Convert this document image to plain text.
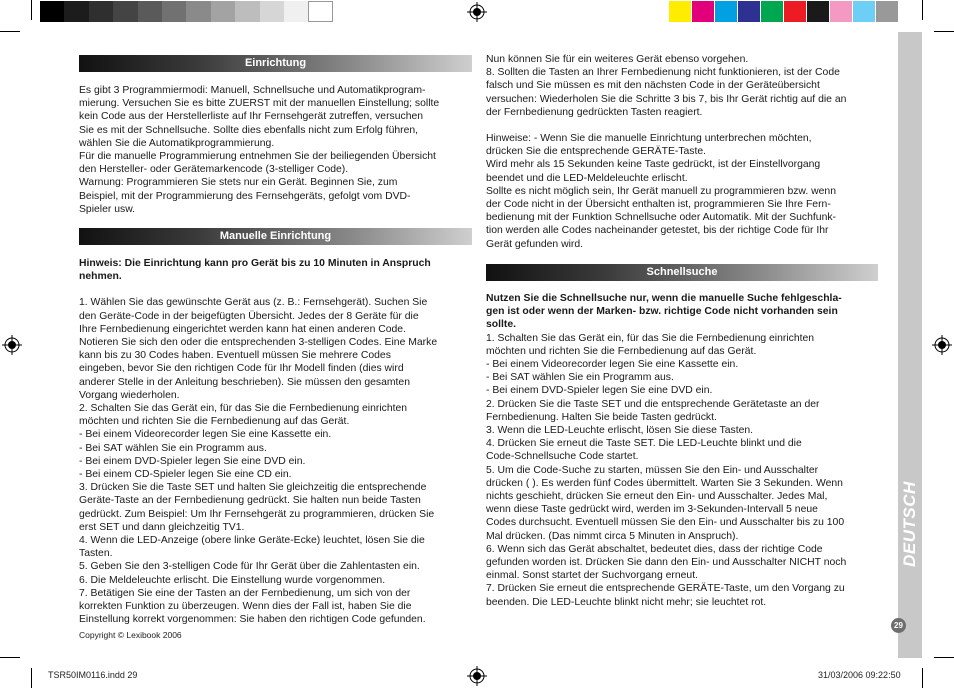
Einrichtung

Es gibt 3 Programmiermodi: Manuell, Schnellsuche und Automatikprogram-

mierung. Versuchen Sie es bitte ZUERST mit der manuellen Einstellung; sollte

kein Code aus der Herstellerliste auf Ihr Fernsehgerät zutreffen, versuchen

Sie es mit der Schnellsuche. Sollte dies ebenfalls nicht zum Erfolg führen,

wählen Sie die Automatikprogrammierung.

Für die manuelle Programmierung entnehmen Sie der beiliegenden Übersicht

den Hersteller- oder Gerätemarkencode (3-stelliger Code).

Warnung: Programmieren Sie stets nur ein Gerät. Beginnen Sie, zum

Beispiel, mit der Programmierung des Fernsehgeräts, gefolgt vom DVD-

Spieler usw.

Manuelle Einrichtung

Hinweis: Die Einrichtung kann pro Gerät bis zu 10 Minuten in Anspruch

nehmen.

1. Wählen Sie das gewünschte Gerät aus (z. B.: Fernsehgerät). Suchen Sie

den Geräte-Code in der beigefügten Übersicht. Jedes der 8 Geräte für die

Ihre Fernbedienung eingerichtet werden kann hat einen anderen Code.

Notieren Sie sich den oder die entsprechenden 3-stelligen Codes. Eine Marke

kann bis zu 30 Codes haben. Eventuell müssen Sie mehrere Codes

eingeben, bevor Sie den richtigen Code für Ihr Modell finden (dies wird

anderer Stelle in der Anleitung beschrieben). Sie müssen den gesamten

Vorgang wiederholen.

2. Schalten Sie das Gerät ein, für das Sie die Fernbedienung einrichten

möchten und richten Sie die Fernbedienung auf das Gerät.

- Bei einem Videorecorder legen Sie eine Kassette ein.

- Bei SAT wählen Sie ein Programm aus.

- Bei einem DVD-Spieler legen Sie eine DVD ein.

- Bei einem CD-Spieler legen Sie eine CD ein.

3. Drücken Sie die Taste SET und halten Sie gleichzeitig die entsprechende

Geräte-Taste an der Fernbedienung gedrückt. Sie halten nun beide Tasten

gedrückt. Zum Beispiel: Um Ihr Fernsehgerät zu programmieren, drücken Sie

erst SET und dann gleichzeitig TV1.

4. Wenn die LED-Anzeige (obere linke Geräte-Ecke) leuchtet, lösen Sie die

Tasten.

5. Geben Sie den 3-stelligen Code für Ihr Gerät über die Zahlentasten ein.

6. Die Meldeleuchte erlischt. Die Einstellung wurde vorgenommen.

7. Betätigen Sie eine der Tasten an der Fernbedienung, um sich von der

korrekten Funktion zu überzeugen. Wenn dies der Fall ist, haben Sie die

Einstellung korrekt vorgenommen: Sie haben den richtigen Code gefunden.

Copyright © Lexibook 2006

Nun können Sie für ein weiteres Gerät ebenso vorgehen.

8. Sollten die Tasten an Ihrer Fernbedienung nicht funktionieren, ist der Code

falsch und Sie müssen es mit den nächsten Code in der Geräteübersicht

versuchen: Wiederholen Sie die Schritte 3 bis 7, bis Ihr Gerät richtig auf die an

der Fernbedienung gedrückten Tasten reagiert.

Hinweise: - Wenn Sie die manuelle Einrichtung unterbrechen möchten,

drücken Sie die entsprechende GERÄTE-Taste.

Wird mehr als 15 Sekunden keine Taste gedrückt, ist der Einstellvorgang

beendet und die LED-Meldeleuchte erlischt.

Sollte es nicht möglich sein, Ihr Gerät manuell zu programmieren bzw. wenn

der Code nicht in der Übersicht enthalten ist, programmieren Sie Ihre Fern-

bedienung mit der Funktion Schnellsuche oder Automatik. Mit der Suchfunk-

tion werden alle Codes nacheinander getestet, bis der richtige Code für Ihr

Gerät gefunden wird.

Schnellsuche

Nutzen Sie die Schnellsuche nur, wenn die manuelle Suche fehlgeschla-

gen ist oder wenn der Marken- bzw. richtige Code nicht vorhanden sein

sollte.

1. Schalten Sie das Gerät ein, für das Sie die Fernbedienung einrichten

möchten und richten Sie die Fernbedienung auf das Gerät.

- Bei einem Videorecorder legen Sie eine Kassette ein.

- Bei SAT wählen Sie ein Programm aus.

- Bei einem DVD-Spieler legen Sie eine DVD ein.

2. Drücken Sie die Taste SET und die entsprechende Gerätetaste an der

Fernbedienung. Halten Sie beide Tasten gedrückt.

3. Wenn die LED-Leuchte erlischt, lösen Sie diese Tasten.

4. Drücken Sie erneut die Taste SET. Die LED-Leuchte blinkt und die

Code-Schnellsuche Code startet.

5. Um die Code-Suche zu starten, müssen Sie den Ein- und Ausschalter

drücken ( ). Es werden fünf Codes übermittelt. Warten Sie 3 Sekunden. Wenn

nichts geschieht, drücken Sie erneut den Ein- und Ausschalter. Jedes Mal,

wenn diese Taste gedrückt wird, werden im 3-Sekunden-Intervall 5 neue

Codes durchsucht. Eventuell müssen Sie den Ein- und Ausschalter bis zu 100

Mal drücken. (Das nimmt circa 5 Minuten in Anspruch).

6. Wenn sich das Gerät abschaltet, bedeutet dies, dass der richtige Code

gefunden worden ist. Drücken Sie dann den Ein- und Ausschalter NICHT noch

einmal. Sonst startet der Suchvorgang erneut.

7. Drücken Sie erneut die entsprechende GERÄTE-Taste, um den Vorgang zu

beenden. Die LED-Leuchte blinkt nicht mehr; sie leuchtet rot.

DEUTSCH
29
TSR50IM0116.indd 29	31/03/2006 09:22:50
